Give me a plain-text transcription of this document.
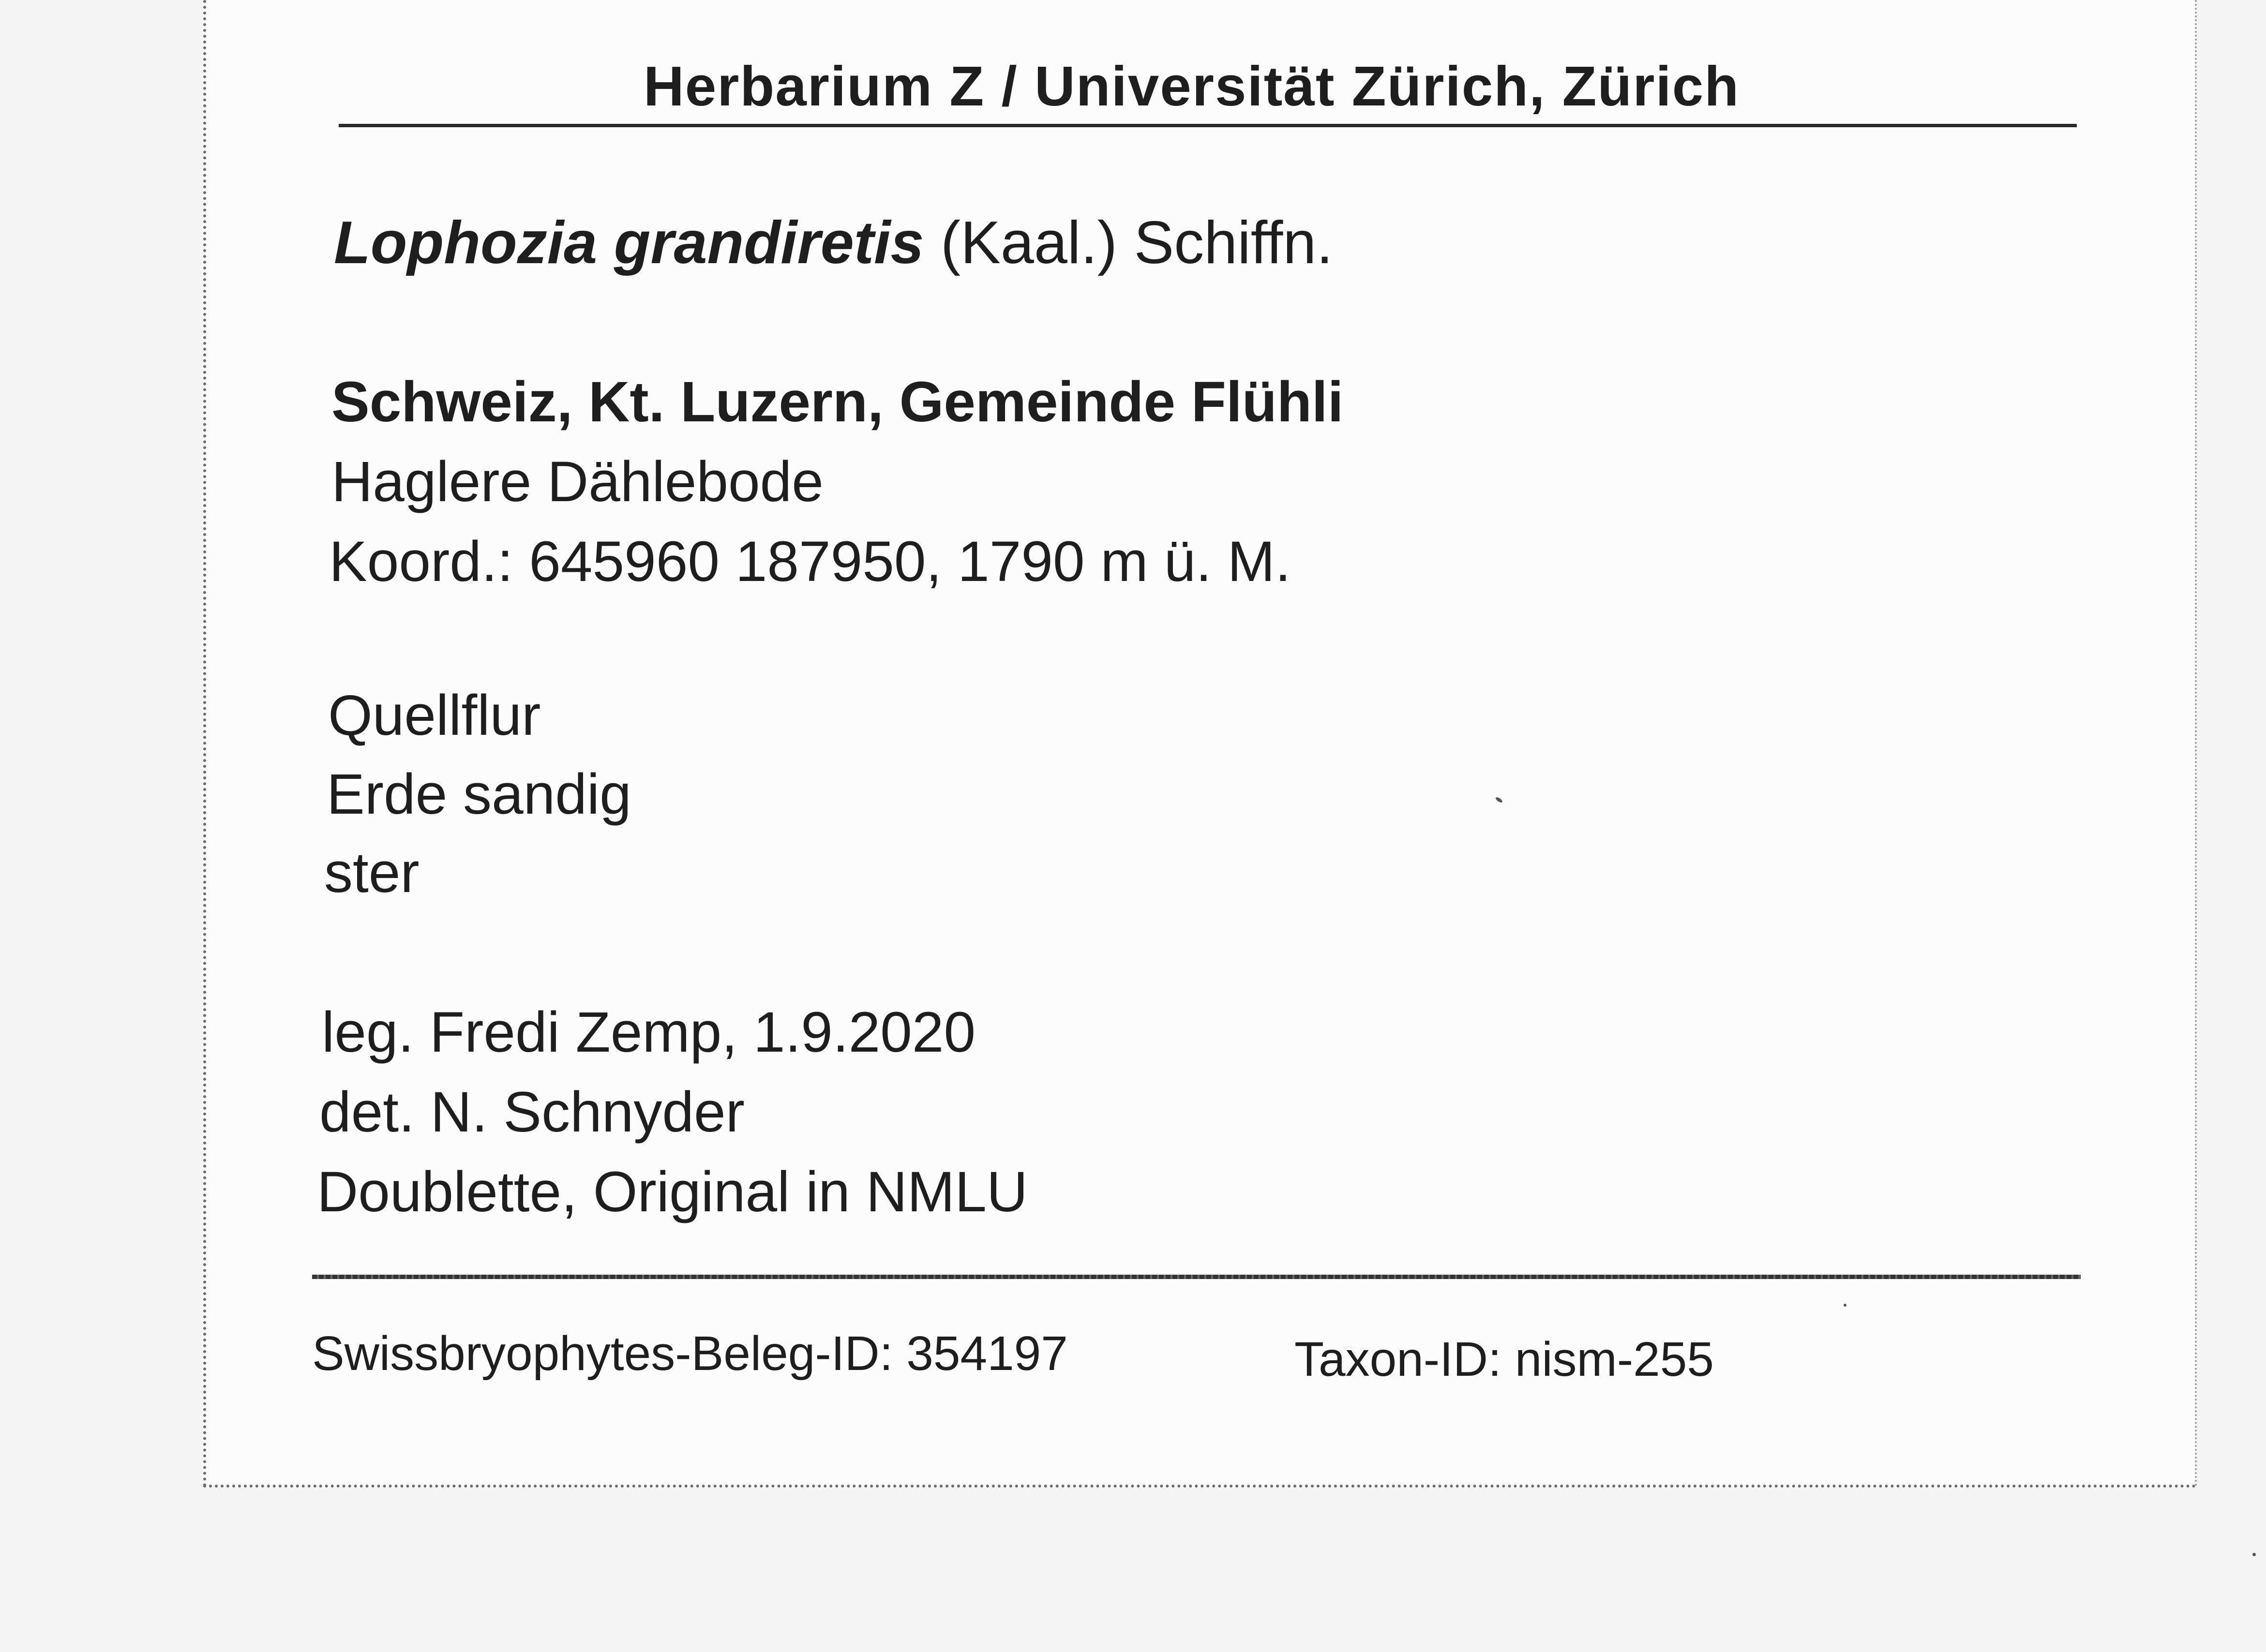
Herbarium Z / Universität Zürich, Zürich
Lophozia grandiretis (Kaal.) Schiffn.
Schweiz, Kt. Luzern, Gemeinde Flühli
Haglere Dählebode
Koord.: 645960 187950, 1790 m ü. M.
Quellflur
Erde sandig
ster
leg. Fredi Zemp, 1.9.2020
det. N. Schnyder
Doublette, Original in NMLU
Swissbryophytes-Beleg-ID: 354197	Taxon-ID: nism-255
